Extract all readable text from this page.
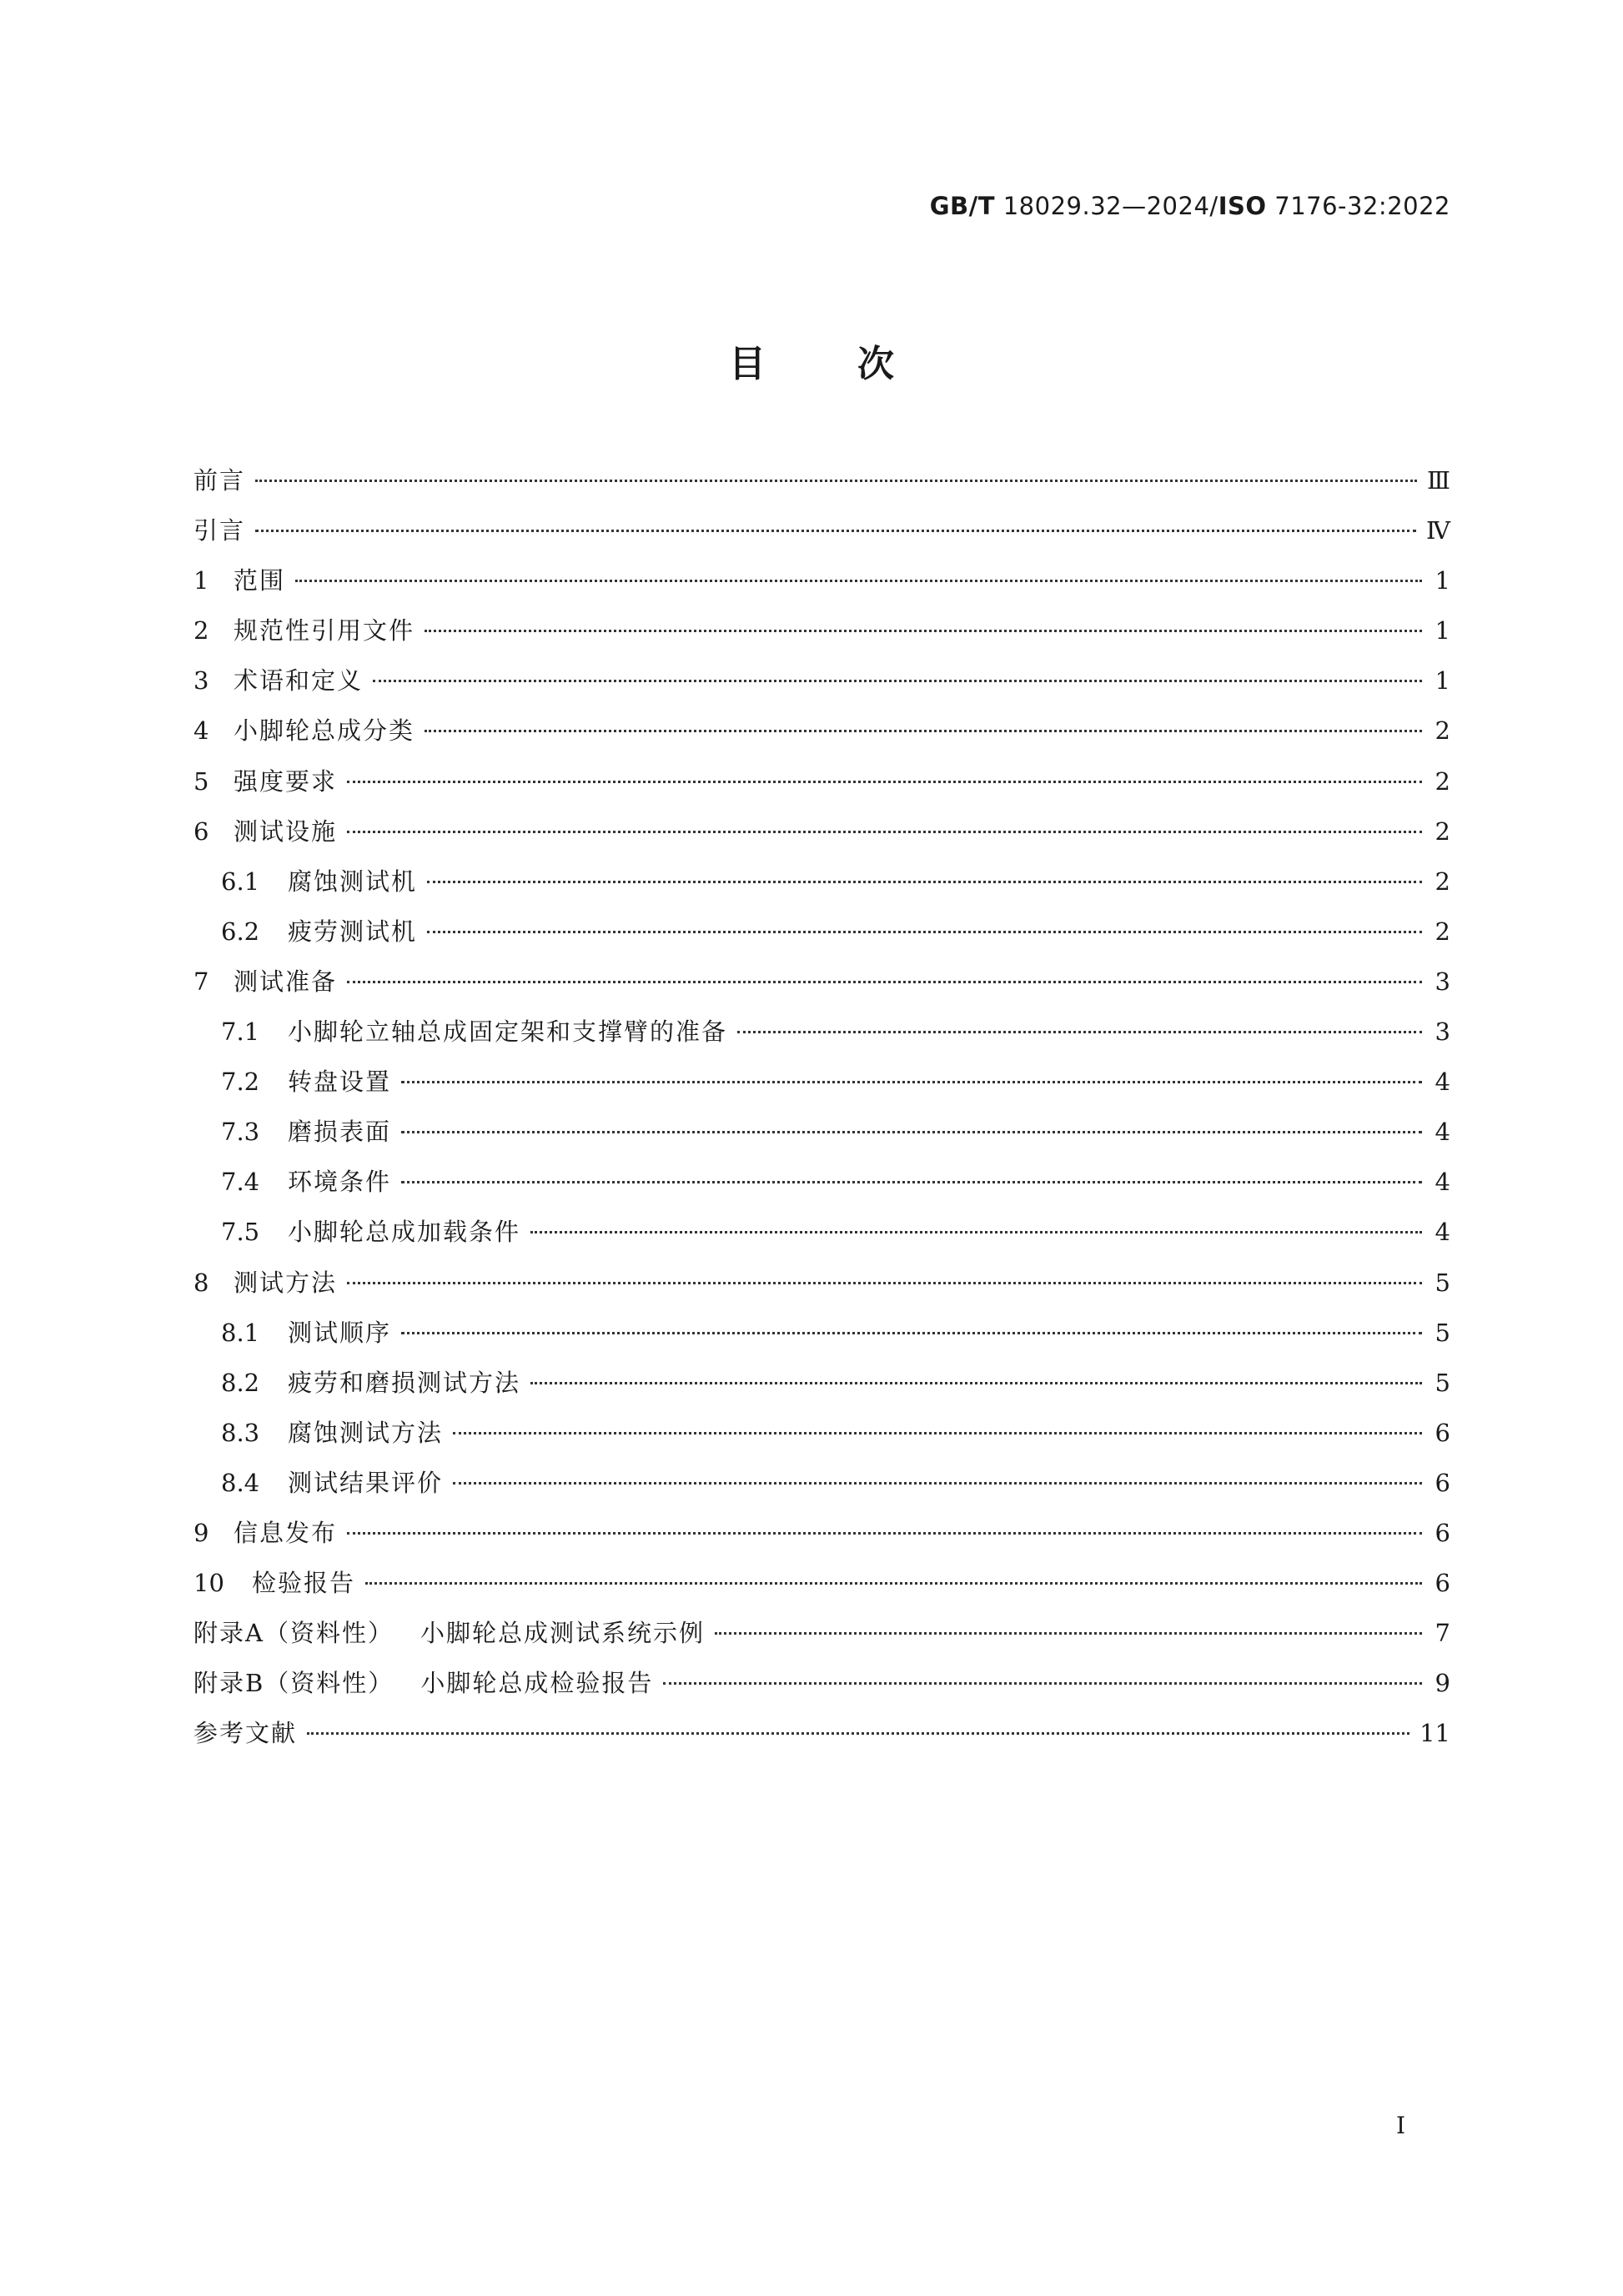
GB/T 18029.32—2024/ISO 7176-32:2022
目次
前言	Ⅲ
引言	Ⅳ
1	范围	1
2	规范性引用文件	1
3	术语和定义	1
4	小脚轮总成分类	2
5	强度要求	2
6	测试设施	2
6.1	腐蚀测试机	2
6.2	疲劳测试机	2
7	测试准备	3
7.1	小脚轮立轴总成固定架和支撑臂的准备	3
7.2	转盘设置	4
7.3	磨损表面	4
7.4	环境条件	4
7.5	小脚轮总成加载条件	4
8	测试方法	5
8.1	测试顺序	5
8.2	疲劳和磨损测试方法	5
8.3	腐蚀测试方法	6
8.4	测试结果评价	6
9	信息发布	6
10	检验报告	6
附录A（资料性） 小脚轮总成测试系统示例	7
附录B（资料性） 小脚轮总成检验报告	9
参考文献	11
Ⅰ
